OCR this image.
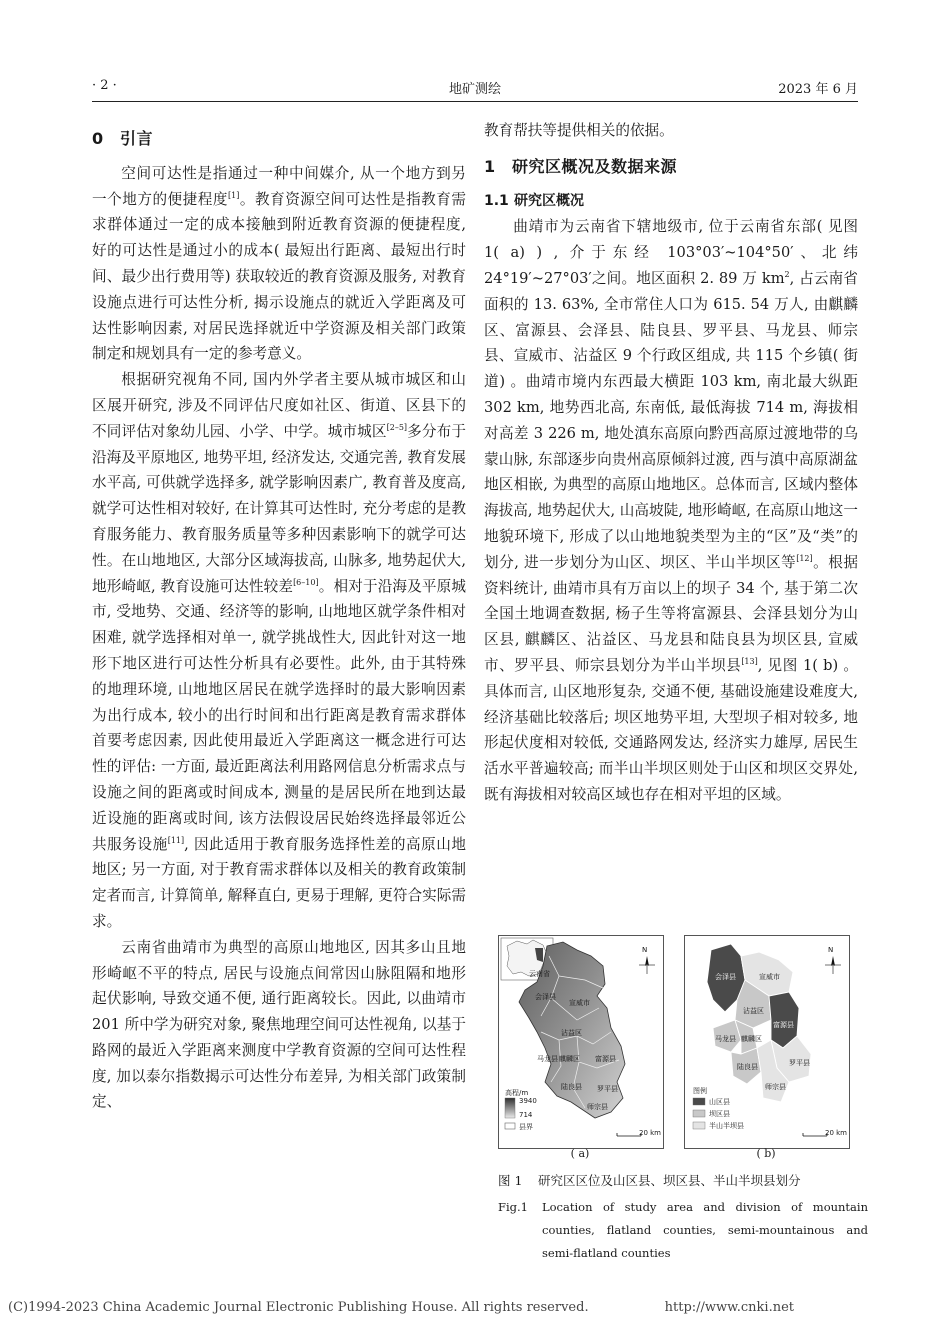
· 2 ·	地矿测绘	2023 年 6 月
0 引言

空间可达性是指通过一种中间媒介, 从一个地方到另一个地方的便捷程度[1]。教育资源空间可达性是指教育需求群体通过一定的成本接触到附近教育资源的便捷程度, 好的可达性是通过小的成本( 最短出行距离、最短出行时间、最少出行费用等) 获取较近的教育资源及服务, 对教育设施点进行可达性分析, 揭示设施点的就近入学距离及可达性影响因素, 对居民选择就近中学资源及相关部门政策制定和规划具有一定的参考意义。

根据研究视角不同, 国内外学者主要从城市城区和山区展开研究, 涉及不同评估尺度如社区、街道、区县下的不同评估对象幼儿园、小学、中学。城市城区[2–5]多分布于沿海及平原地区, 地势平坦, 经济发达, 交通完善, 教育发展水平高, 可供就学选择多, 就学影响因素广, 教育普及度高, 就学可达性相对较好, 在计算其可达性时, 充分考虑的是教育服务能力、教育服务质量等多种因素影响下的就学可达性。在山地地区, 大部分区域海拔高, 山脉多, 地势起伏大, 地形崎岖, 教育设施可达性较差[6–10]。相对于沿海及平原城市, 受地势、交通、经济等的影响, 山地地区就学条件相对困难, 就学选择相对单一, 就学挑战性大, 因此针对这一地形下地区进行可达性分析具有必要性。此外, 由于其特殊的地理环境, 山地地区居民在就学选择时的最大影响因素为出行成本, 较小的出行时间和出行距离是教育需求群体首要考虑因素, 因此使用最近入学距离这一概念进行可达性的评估: 一方面, 最近距离法利用路网信息分析需求点与设施之间的距离或时间成本, 测量的是居民所在地到达最近设施的距离或时间, 该方法假设居民始终选择最邻近公共服务设施[11], 因此适用于教育服务选择性差的高原山地地区; 另一方面, 对于教育需求群体以及相关的教育政策制定者而言, 计算简单, 解释直白, 更易于理解, 更符合实际需求。

云南省曲靖市为典型的高原山地地区, 因其多山且地形崎岖不平的特点, 居民与设施点间常因山脉阻隔和地形起伏影响, 导致交通不便, 通行距离较长。因此, 以曲靖市 201 所中学为研究对象, 聚焦地理空间可达性视角, 以基于路网的最近入学距离来测度中学教育资源的空间可达性程度, 加以泰尔指数揭示可达性分布差异, 为相关部门政策制定、

教育帮扶等提供相关的依据。

1 研究区概况及数据来源
1.1 研究区概况

曲靖市为云南省下辖地级市, 位于云南省东部( 见图 1( a) ) , 介于东经 103°03′~104°50′、北纬 24°19′~27°03′之间。地区面积 2. 89 万 $km^2$, 占云南省面积的 13. 63%, 全市常住人口为 615. 54 万人, 由麒麟区、富源县、会泽县、陆良县、罗平县、马龙县、师宗县、宣威市、沾益区 9 个行政区组成, 共 115 个乡镇( 街道) 。曲靖市境内东西最大横距 103 km, 南北最大纵距 302 km, 地势西北高, 东南低, 最低海拔 714 m, 海拔相对高差 3 226 m, 地处滇东高原向黔西高原过渡地带的乌蒙山脉, 东部逐步向贵州高原倾斜过渡, 西与滇中高原湖盆地区相嵌, 为典型的高原山地地区。总体而言, 区域内整体海拔高, 地势起伏大, 山高坡陡, 地形崎岖, 在高原山地这一地貌环境下, 形成了以山地地貌类型为主的“区”及“类”的划分, 进一步划分为山区、坝区、半山半坝区等[12]。根据资料统计, 曲靖市具有万亩以上的坝子 34 个, 基于第二次全国土地调查数据, 杨子生等将富源县、会泽县划分为山区县, 麒麟区、沾益区、马龙县和陆良县为坝区县, 宣威市、罗平县、师宗县划分为半山半坝县[13], 见图 1( b) 。具体而言, 山区地形复杂, 交通不便, 基础设施建设难度大, 经济基础比较落后; 坝区地势平坦, 大型坝子相对较多, 地形起伏度相对较低, 交通路网发达, 经济实力雄厚, 居民生活水平普遍较高; 而半山半坝区则处于山区和坝区交界处, 既有海拔相对较高区域也存在相对平坦的区域。

云南省
N
会泽县
宣威市
沾益区
马龙县 麒麟区 富源县
陆良县 罗平县
师宗县
高程/m
3940
714
县界
20 km
( a)
N
会泽县	宣威市
沾益区
马龙县 麒麟区
富源县
陆良县	罗平县
师宗县
图例
山区县
坝区县
半山半坝县
20 km
( b)
图 1 研究区区位及山区县、坝区县、半山半坝县划分
Fig.1 Location of study area and division of mountain counties, flatland counties, semi-mountainous and semi-flatland counties
(C)1994-2023 China Academic Journal Electronic Publishing House. All rights reserved.	http://www.cnki.net
